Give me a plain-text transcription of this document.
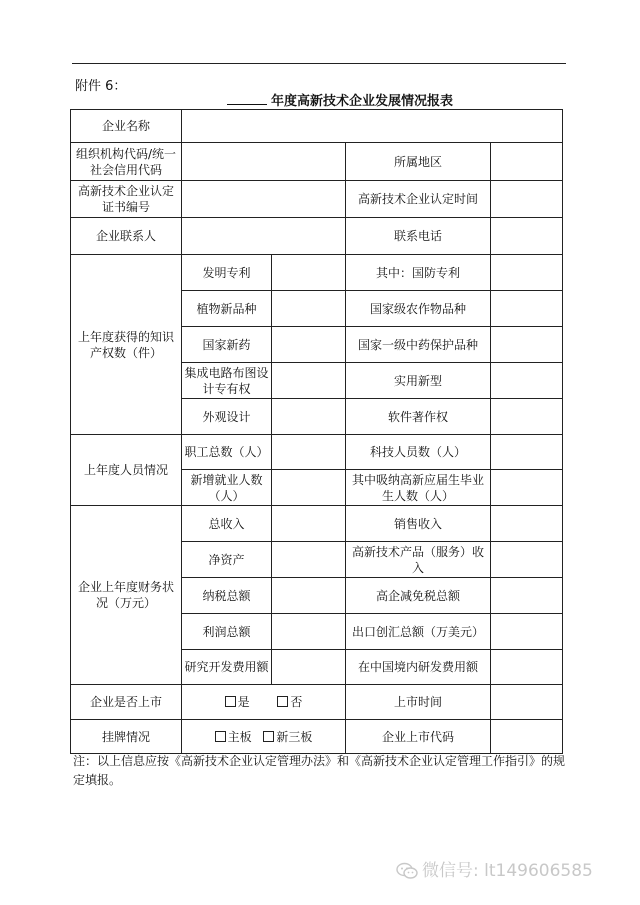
附件 6：
年度高新技术企业发展情况报表
企业名称				
组织机构代码/统一社会信用代码			所属地区	
高新技术企业认定证书编号			高新技术企业认定时间	
企业联系人			联系电话	
上年度获得的知识产权数（件）	发明专利		其中：国防专利	
	植物新品种		国家级农作物品种	
	国家新药		国家一级中药保护品种	
	集成电路布图设计专有权		实用新型	
	外观设计		软件著作权	
上年度人员情况	职工总数（人）		科技人员数（人）	
	新增就业人数（人）		其中吸纳高新应届生毕业生人数（人）	
企业上年度财务状况（万元）	总收入		销售收入	
	净资产		高新技术产品（服务）收入	
	纳税总额		高企减免税总额	
	利润总额		出口创汇总额（万美元）	
	研究开发费用额		在中国境内研发费用额	
企业是否上市	是 否		上市时间	
挂牌情况	主板 新三板		企业上市代码	
注：以上信息应按《高新技术企业认定管理办法》和《高新技术企业认定管理工作指引》的规定填报。
微信号: lt149606585
